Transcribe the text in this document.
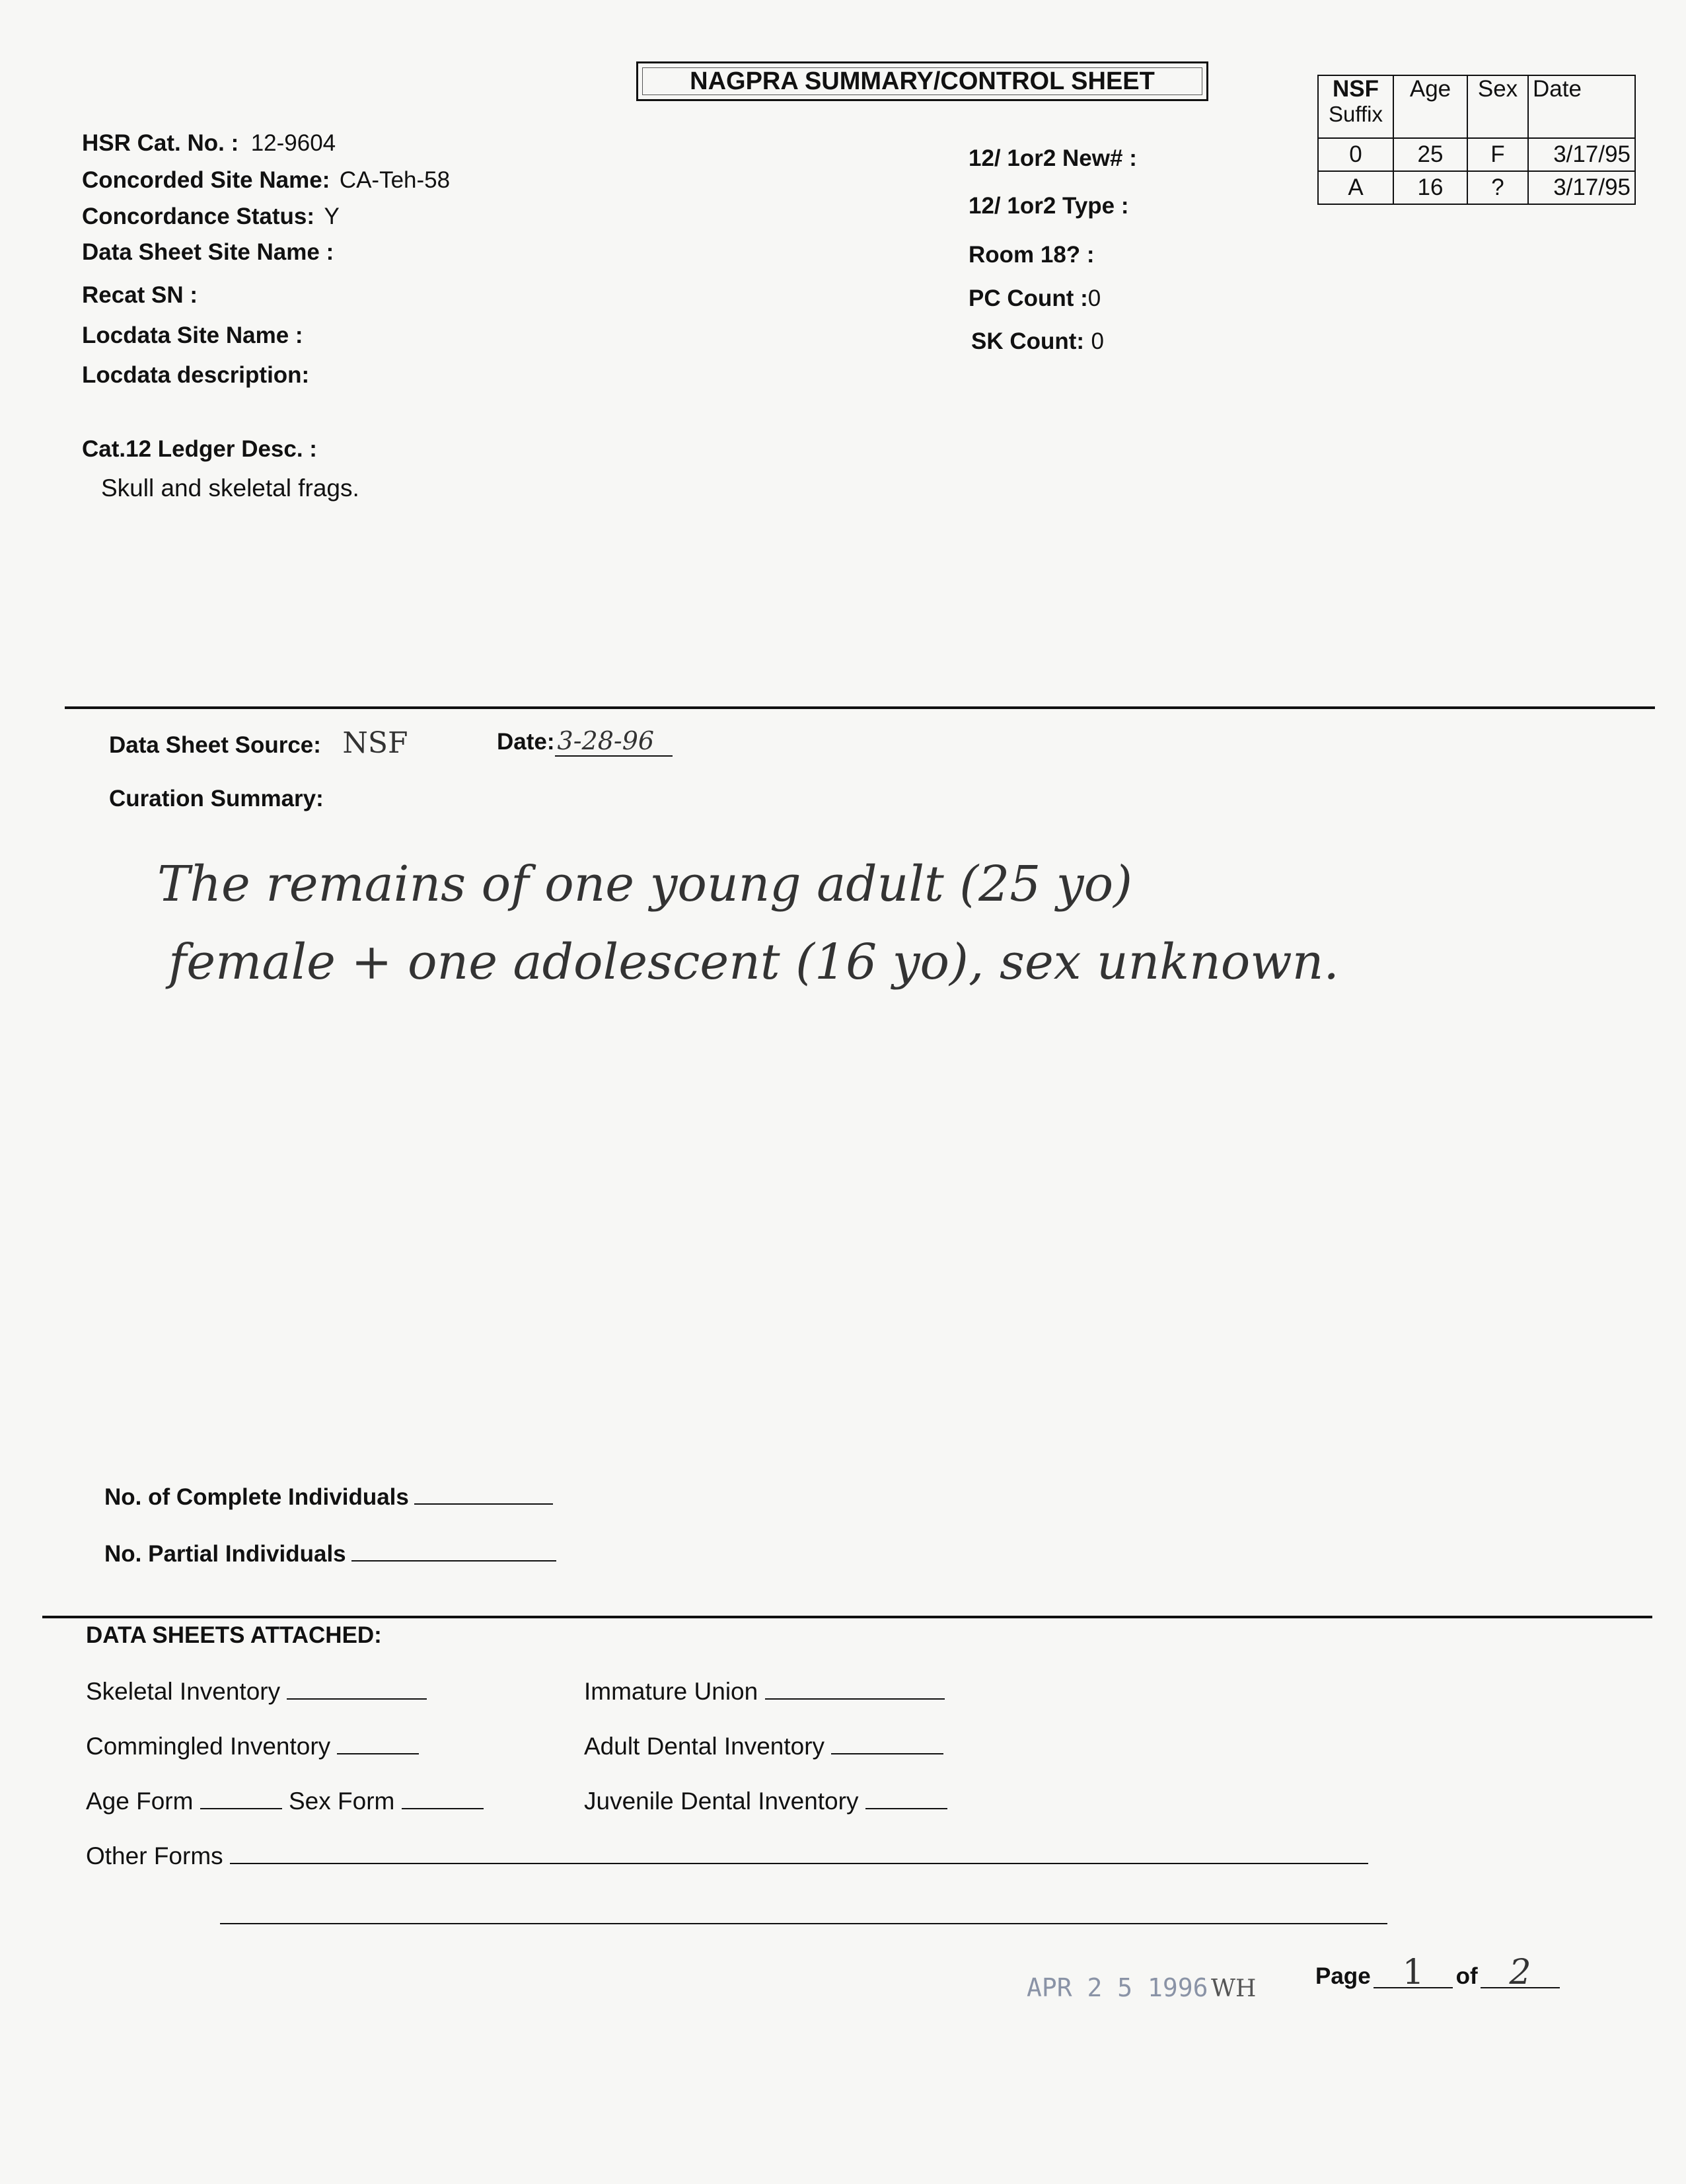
NAGPRA SUMMARY/CONTROL SHEET
HSR Cat. No. : 12-9604
Concorded Site Name: CA-Teh-58
Concordance Status: Y
Data Sheet Site Name :
Recat SN :
Locdata Site Name :
Locdata description:
12/ 1or2 New# :
12/ 1or2 Type :
Room 18? :
PC Count :0
SK Count: 0
NSF
Suffix	Age	Sex	Date
0	25	F	3/17/95
A	16	?	3/17/95
Cat.12 Ledger Desc. :
Skull and skeletal frags.
Data Sheet Source: NSF	Date: 3-28-96
Curation Summary:
The remains of one young adult (25 yo)
female + one adolescent (16 yo), sex unknown.
No. of Complete Individuals
No. Partial Individuals
DATA SHEETS ATTACHED:
Skeletal Inventory
Commingled Inventory
Age Form	Sex Form
Other Forms
Immature Union
Adult Dental Inventory
Juvenile Dental Inventory
APR 2 5 1996 WH	Page 1 of 2
